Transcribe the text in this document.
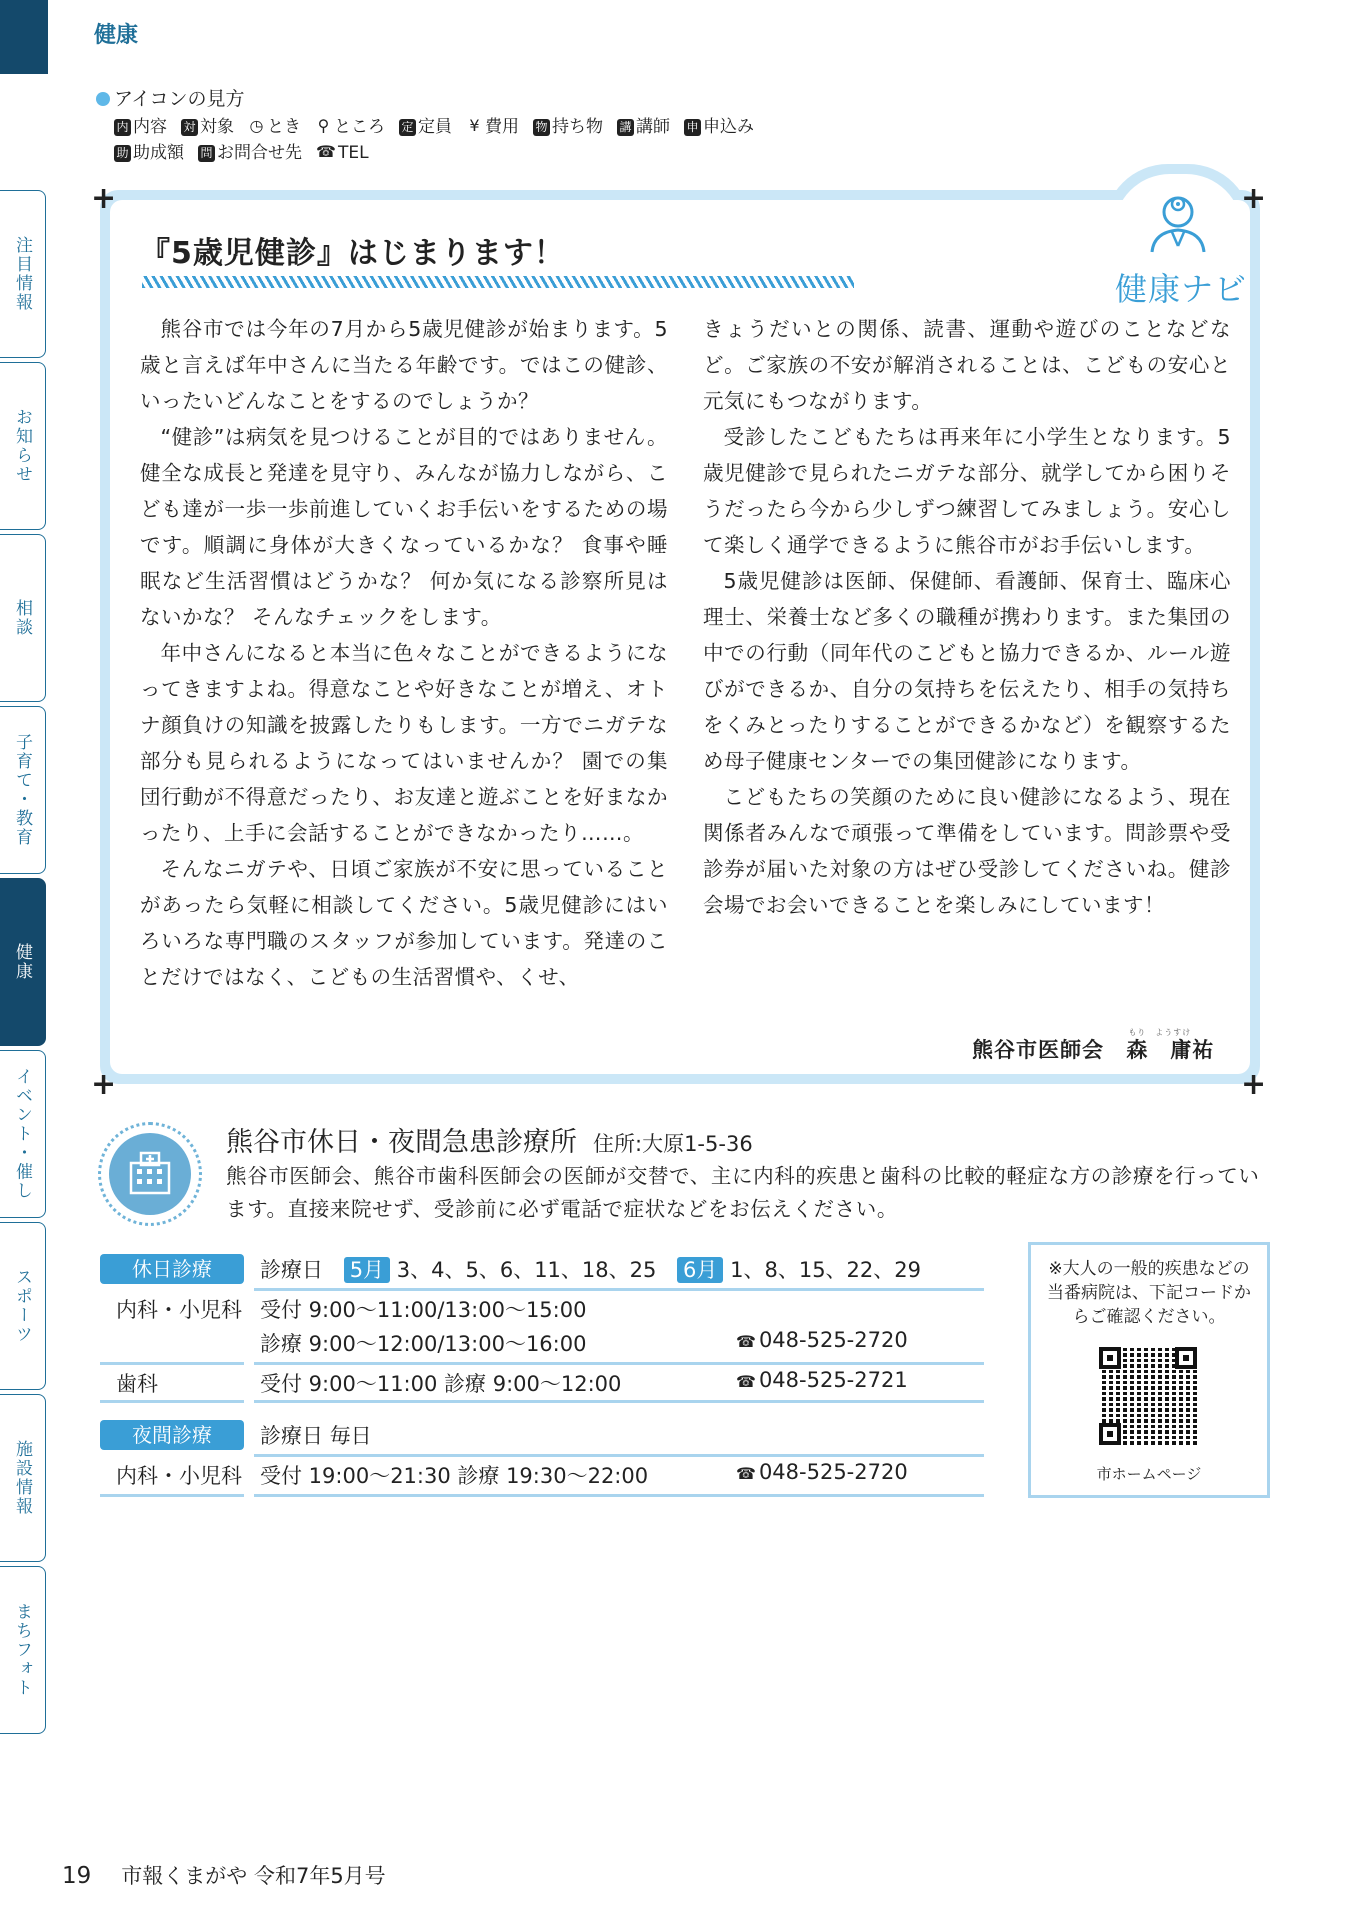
健康
アイコンの見方
内 内容 対 対象 ◷ とき ⚲ ところ 定 定員 ¥ 費用 物 持ち物 講 講師 申 申込み
助 助成額 問 お問合せ先 ☎ TEL
注目情報
お知らせ
相談
子育て・教育
健康
イベント・催し
スポーツ
施設情報
まちフォト
健康ナビ
+	+
+	+
『5歳児健診』はじまります！

熊谷市では今年の7月から5歳児健診が始まります。5歳と言えば年中さんに当たる年齢です。ではこの健診、いったいどんなことをするのでしょうか？

“健診”は病気を見つけることが目的ではありません。健全な成長と発達を見守り、みんなが協力しながら、こども達が一歩一歩前進していくお手伝いをするための場です。順調に身体が大きくなっているかな？ 食事や睡眠など生活習慣はどうかな？ 何か気になる診察所見はないかな？ そんなチェックをします。

年中さんになると本当に色々なことができるようになってきますよね。得意なことや好きなことが増え、オトナ顔負けの知識を披露したりもします。一方でニガテな部分も見られるようになってはいませんか？ 園での集団行動が不得意だったり、お友達と遊ぶことを好まなかったり、上手に会話することができなかったり……。

そんなニガテや、日頃ご家族が不安に思っていることがあったら気軽に相談してください。5歳児健診にはいろいろな専門職のスタッフが参加しています。発達のことだけではなく、こどもの生活習慣や、くせ、

きょうだいとの関係、読書、運動や遊びのことなどなど。ご家族の不安が解消されることは、こどもの安心と元気にもつながります。

受診したこどもたちは再来年に小学生となります。5歳児健診で見られたニガテな部分、就学してから困りそうだったら今から少しずつ練習してみましょう。安心して楽しく通学できるように熊谷市がお手伝いします。

5歳児健診は医師、保健師、看護師、保育士、臨床心理士、栄養士など多くの職種が携わります。また集団の中での行動（同年代のこどもと協力できるか、ルール遊びができるか、自分の気持ちを伝えたり、相手の気持ちをくみとったりすることができるかなど）を観察するため母子健康センターでの集団健診になります。

こどもたちの笑顔のために良い健診になるよう、現在関係者みんなで頑張って準備をしています。問診票や受診券が届いた対象の方はぜひ受診してくださいね。健診会場でお会いできることを楽しみにしています！

熊谷市医師会
もり　ようすけ
森　庸祐
熊谷市休日・夜間急患診療所 住所:大原1-5-36
熊谷市医師会、熊谷市歯科医師会の医師が交替で、主に内科的疾患と歯科の比較的軽症な方の診療を行っています。直接来院せず、受診前に必ず電話で症状などをお伝えください。
休日診療	診療日 5月 3、4、5、6、11、18、25 6月 1、8、15、22、29
内科・小児科 受付 9:00～11:00/13:00～15:00
診療 9:00～12:00/13:00～16:00	☎ 048-525-2720
歯科	受付 9:00～11:00 診療 9:00～12:00	☎ 048-525-2721
夜間診療	診療日 毎日
内科・小児科 受付 19:00～21:30 診療 19:30～22:00	☎ 048-525-2720
※大人の一般的疾患などの当番病院は、下記コードからご確認ください。
市ホームページ
19 市報くまがや 令和7年5月号
